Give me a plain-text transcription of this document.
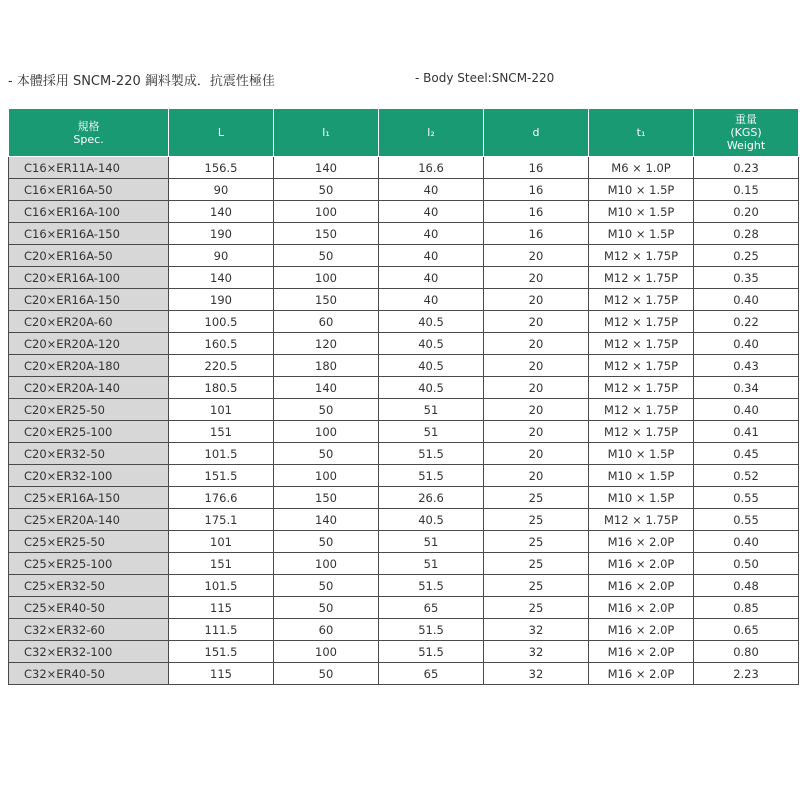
- 本體採用 SNCM-220 鋼料製成．抗震性極佳	- Body Steel:SNCM-220
規格
Spec.	L	l₁	l₂	d	t₁	重量
(KGS)
Weight

C16×ER11A-140	156.5	140	16.6	16	M6 × 1.0P	0.23
C16×ER16A-50	90	50	40	16	M10 × 1.5P	0.15
C16×ER16A-100	140	100	40	16	M10 × 1.5P	0.20
C16×ER16A-150	190	150	40	16	M10 × 1.5P	0.28
C20×ER16A-50	90	50	40	20	M12 × 1.75P	0.25
C20×ER16A-100	140	100	40	20	M12 × 1.75P	0.35
C20×ER16A-150	190	150	40	20	M12 × 1.75P	0.40
C20×ER20A-60	100.5	60	40.5	20	M12 × 1.75P	0.22
C20×ER20A-120	160.5	120	40.5	20	M12 × 1.75P	0.40
C20×ER20A-180	220.5	180	40.5	20	M12 × 1.75P	0.43
C20×ER20A-140	180.5	140	40.5	20	M12 × 1.75P	0.34
C20×ER25-50	101	50	51	20	M12 × 1.75P	0.40
C20×ER25-100	151	100	51	20	M12 × 1.75P	0.41
C20×ER32-50	101.5	50	51.5	20	M10 × 1.5P	0.45
C20×ER32-100	151.5	100	51.5	20	M10 × 1.5P	0.52
C25×ER16A-150	176.6	150	26.6	25	M10 × 1.5P	0.55
C25×ER20A-140	175.1	140	40.5	25	M12 × 1.75P	0.55
C25×ER25-50	101	50	51	25	M16 × 2.0P	0.40
C25×ER25-100	151	100	51	25	M16 × 2.0P	0.50
C25×ER32-50	101.5	50	51.5	25	M16 × 2.0P	0.48
C25×ER40-50	115	50	65	25	M16 × 2.0P	0.85
C32×ER32-60	111.5	60	51.5	32	M16 × 2.0P	0.65
C32×ER32-100	151.5	100	51.5	32	M16 × 2.0P	0.80
C32×ER40-50	115	50	65	32	M16 × 2.0P	2.23
